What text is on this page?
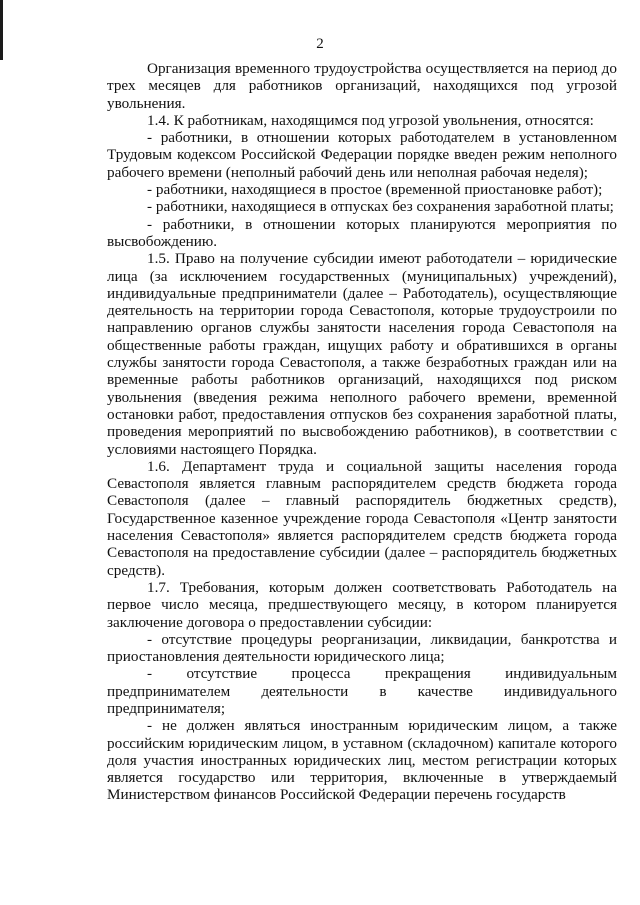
2

Организация временного трудоустройства осуществляется на период до трех месяцев для работников организаций, находящихся под угрозой увольнения.

1.4. К работникам, находящимся под угрозой увольнения, относятся:

- работники, в отношении которых работодателем в установленном Трудовым кодексом Российской Федерации порядке введен режим неполного рабочего времени (неполный рабочий день или неполная рабочая неделя);

- работники, находящиеся в простое (временной приостановке работ);

- работники, находящиеся в отпусках без сохранения заработной платы;

- работники, в отношении которых планируются мероприятия по высвобождению.

1.5. Право на получение субсидии имеют работодатели – юридические лица (за исключением государственных (муниципальных) учреждений), индивидуальные предприниматели (далее – Работодатель), осуществляющие деятельность на территории города Севастополя, которые трудоустроили по направлению органов службы занятости населения города Севастополя на общественные работы граждан, ищущих работу и обратившихся в органы службы занятости города Севастополя, а также безработных граждан или на временные работы работников организаций, находящихся под риском увольнения (введения режима неполного рабочего времени, временной остановки работ, предоставления отпусков без сохранения заработной платы, проведения мероприятий по высвобождению работников), в соответствии с условиями настоящего Порядка.

1.6. Департамент труда и социальной защиты населения города Севастополя является главным распорядителем средств бюджета города Севастополя (далее – главный распорядитель бюджетных средств), Государственное казенное учреждение города Севастополя «Центр занятости населения Севастополя» является распорядителем средств бюджета города Севастополя на предоставление субсидии (далее – распорядитель бюджетных средств).

1.7. Требования, которым должен соответствовать Работодатель на первое число месяца, предшествующего месяцу, в котором планируется заключение договора о предоставлении субсидии:

- отсутствие процедуры реорганизации, ликвидации, банкротства и приостановления деятельности юридического лица;

- отсутствие процесса прекращения индивидуальным предпринимателем деятельности в качестве индивидуального предпринимателя;

- не должен являться иностранным юридическим лицом, а также российским юридическим лицом, в уставном (складочном) капитале которого доля участия иностранных юридических лиц, местом регистрации которых является государство или территория, включенные в утверждаемый Министерством финансов Российской Федерации перечень государств
